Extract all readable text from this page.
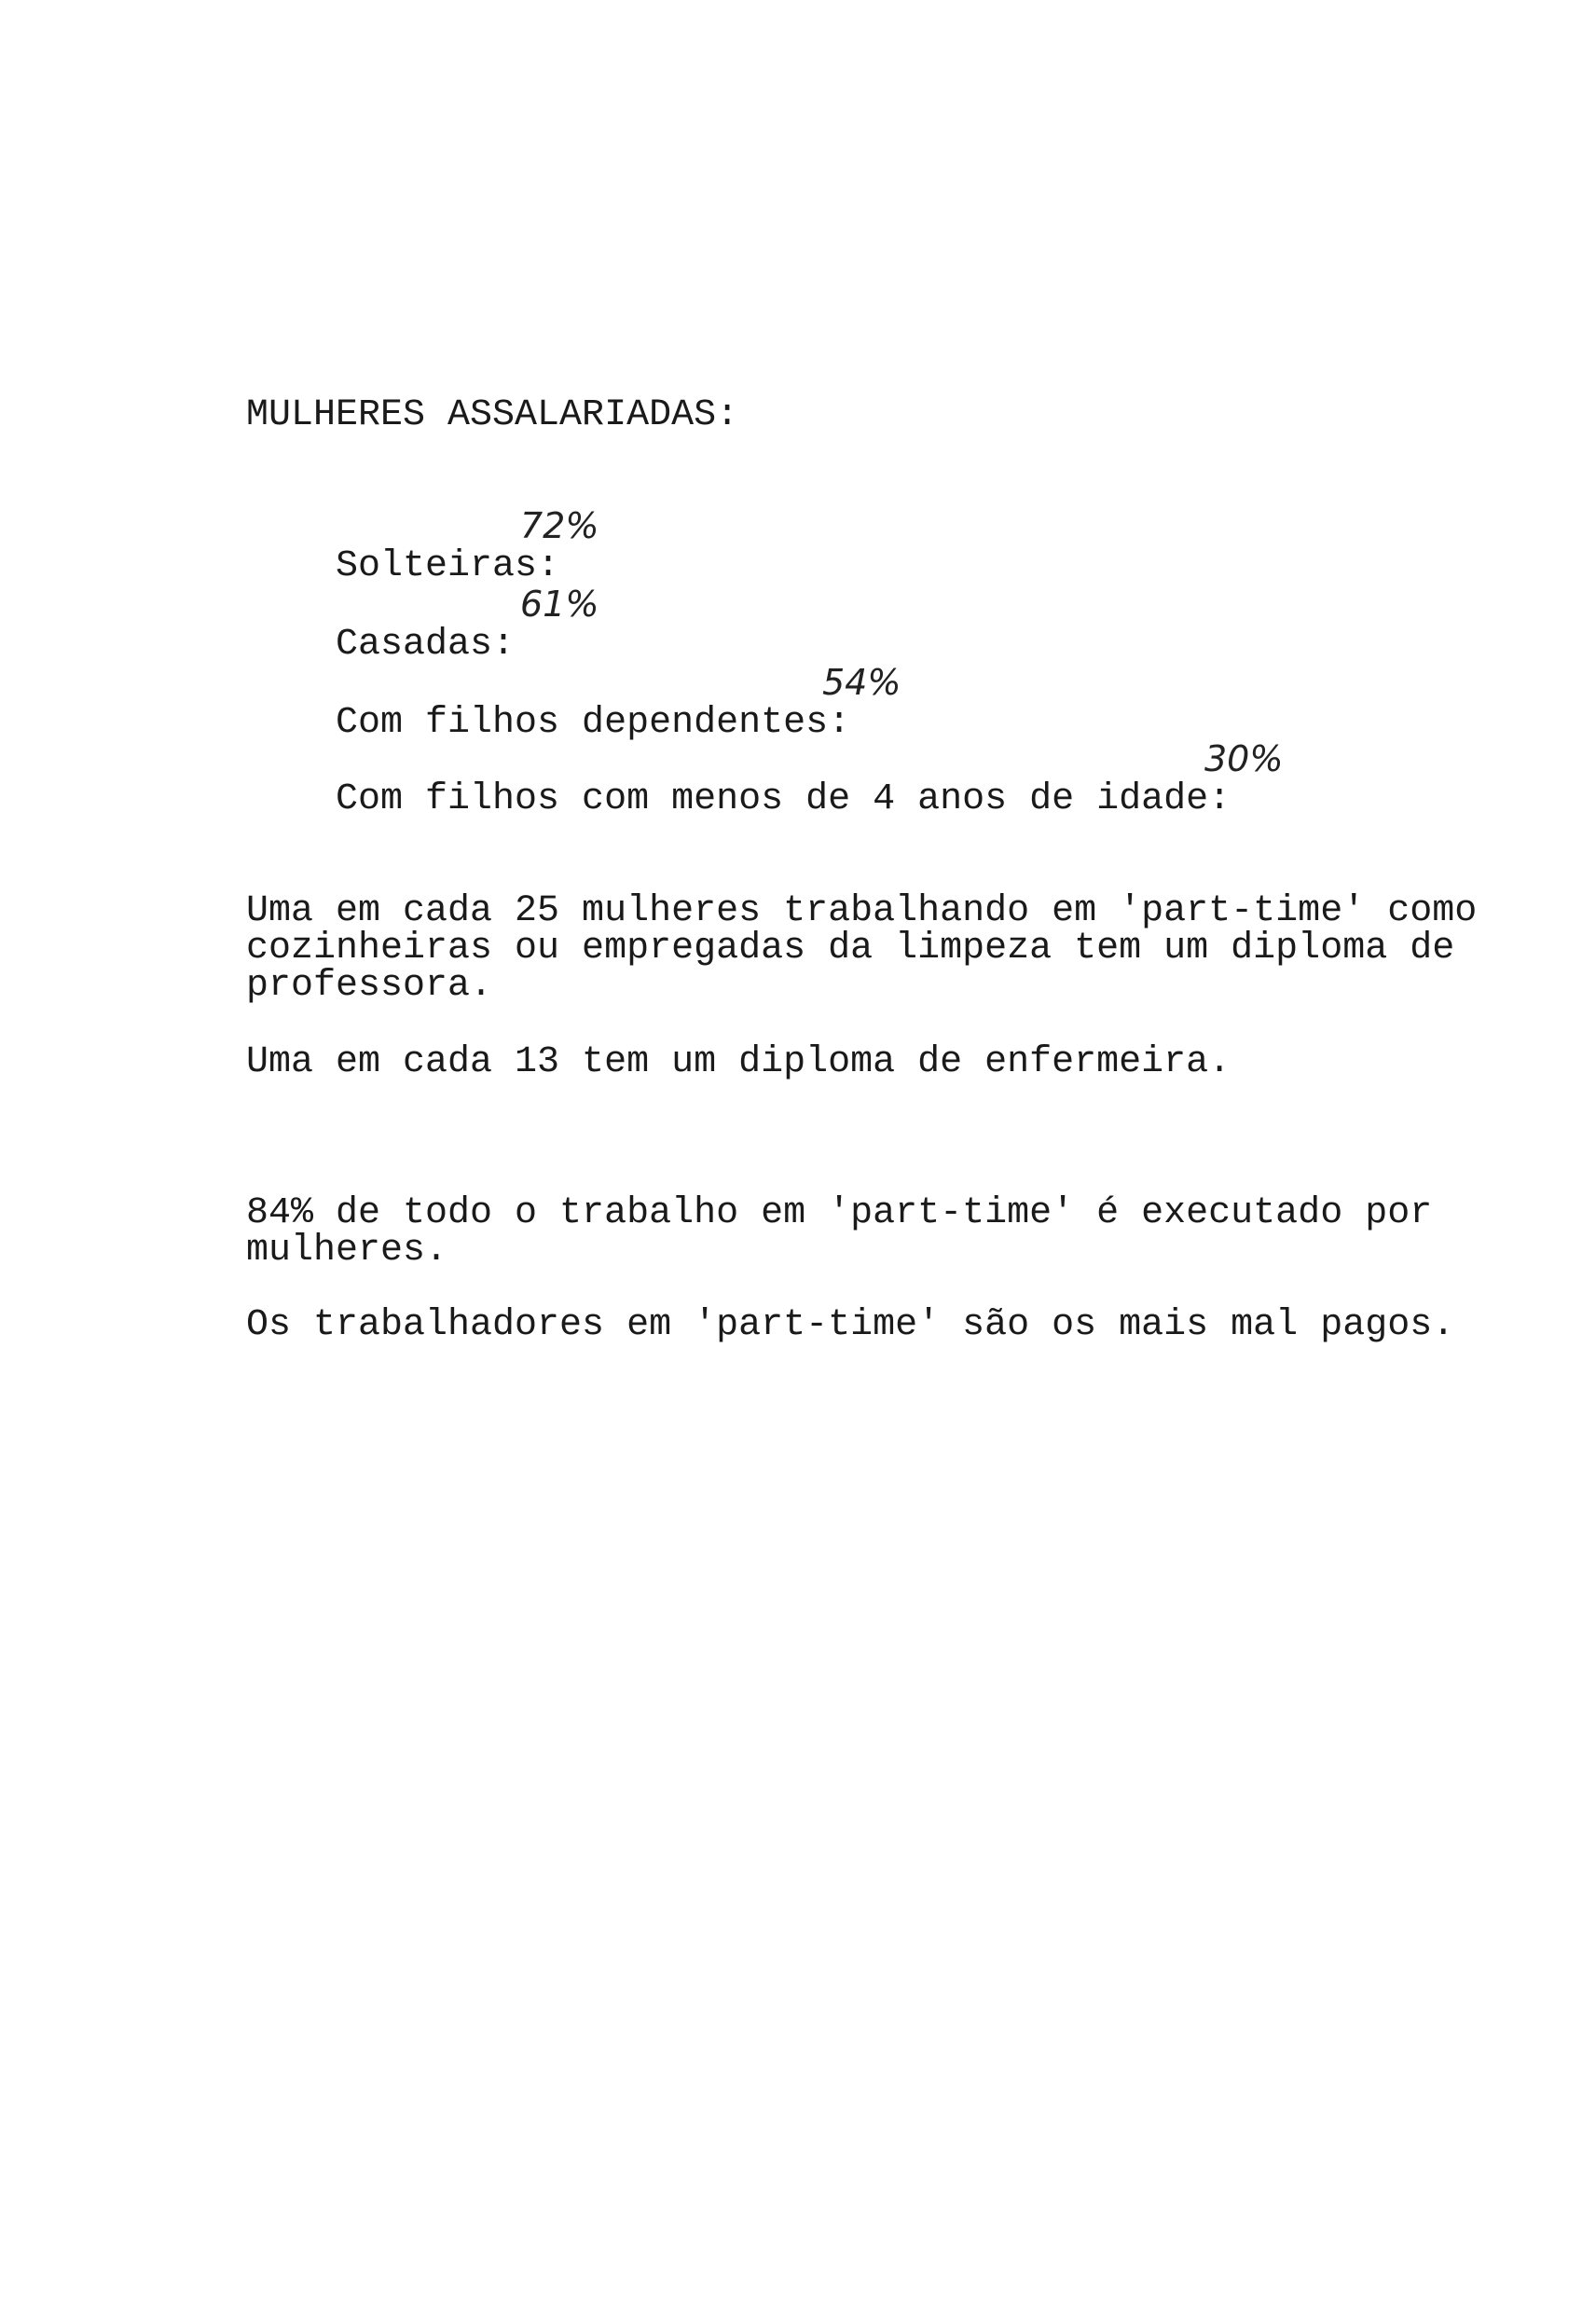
MULHERES ASSALARIADAS:

Solteiras:

72%

Casadas:

61%

Com filhos dependentes:

54%

Com filhos com menos de 4 anos de idade:

30%

Uma em cada 25 mulheres trabalhando em 'part-time' como cozinheiras ou empregadas da limpeza tem um diploma de professora.
Uma em cada 13 tem um diploma de enfermeira.
84% de todo o trabalho em 'part-time' é executado por mulheres.
Os trabalhadores em 'part-time' são os mais mal pagos.
